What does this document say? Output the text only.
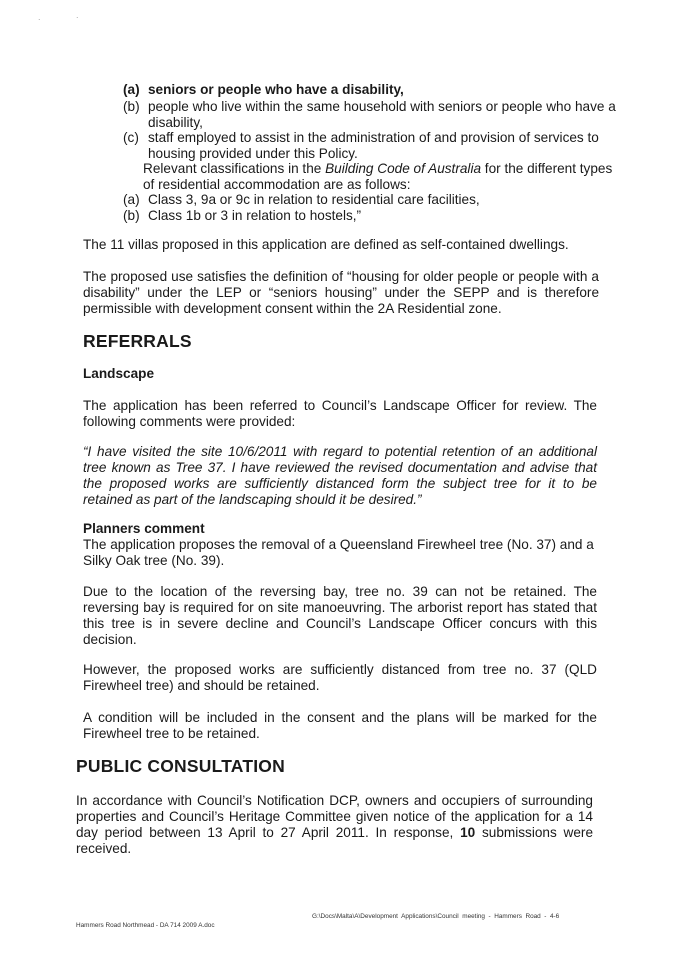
.	.
(a) seniors or people who have a disability,
(b) people who live within the same household with seniors or people who have a disability,
(c) staff employed to assist in the administration of and provision of services to housing provided under this Policy.

Relevant classifications in the Building Code of Australia for the different types of residential accommodation are as follows:

(a) Class 3, 9a or 9c in relation to residential care facilities,
(b) Class 1b or 3 in relation to hostels,”

The 11 villas proposed in this application are defined as self-contained dwellings.

The proposed use satisfies the definition of “housing for older people or people with a disability” under the LEP or “seniors housing” under the SEPP and is therefore permissible with development consent within the 2A Residential zone.

REFERRALS
Landscape

The application has been referred to Council’s Landscape Officer for review. The following comments were provided:

“I have visited the site 10/6/2011 with regard to potential retention of an additional tree known as Tree 37. I have reviewed the revised documentation and advise that the proposed works are sufficiently distanced form the subject tree for it to be retained as part of the landscaping should it be desired.”

Planners comment

The application proposes the removal of a Queensland Firewheel tree (No. 37) and a Silky Oak tree (No. 39).

Due to the location of the reversing bay, tree no. 39 can not be retained. The reversing bay is required for on site manoeuvring. The arborist report has stated that this tree is in severe decline and Council’s Landscape Officer concurs with this decision.

However, the proposed works are sufficiently distanced from tree no. 37 (QLD Firewheel tree) and should be retained.

A condition will be included in the consent and the plans will be marked for the Firewheel tree to be retained.

PUBLIC CONSULTATION

In accordance with Council’s Notification DCP, owners and occupiers of surrounding properties and Council’s Heritage Committee given notice of the application for a 14 day period between 13 April to 27 April 2011. In response, 10 submissions were received.

Hammers Road Northmead - DA 714 2009 A.doc
G:\Docs\Malta\A\Development  Applications\Council  meeting  -  Hammers  Road  -  4-6
